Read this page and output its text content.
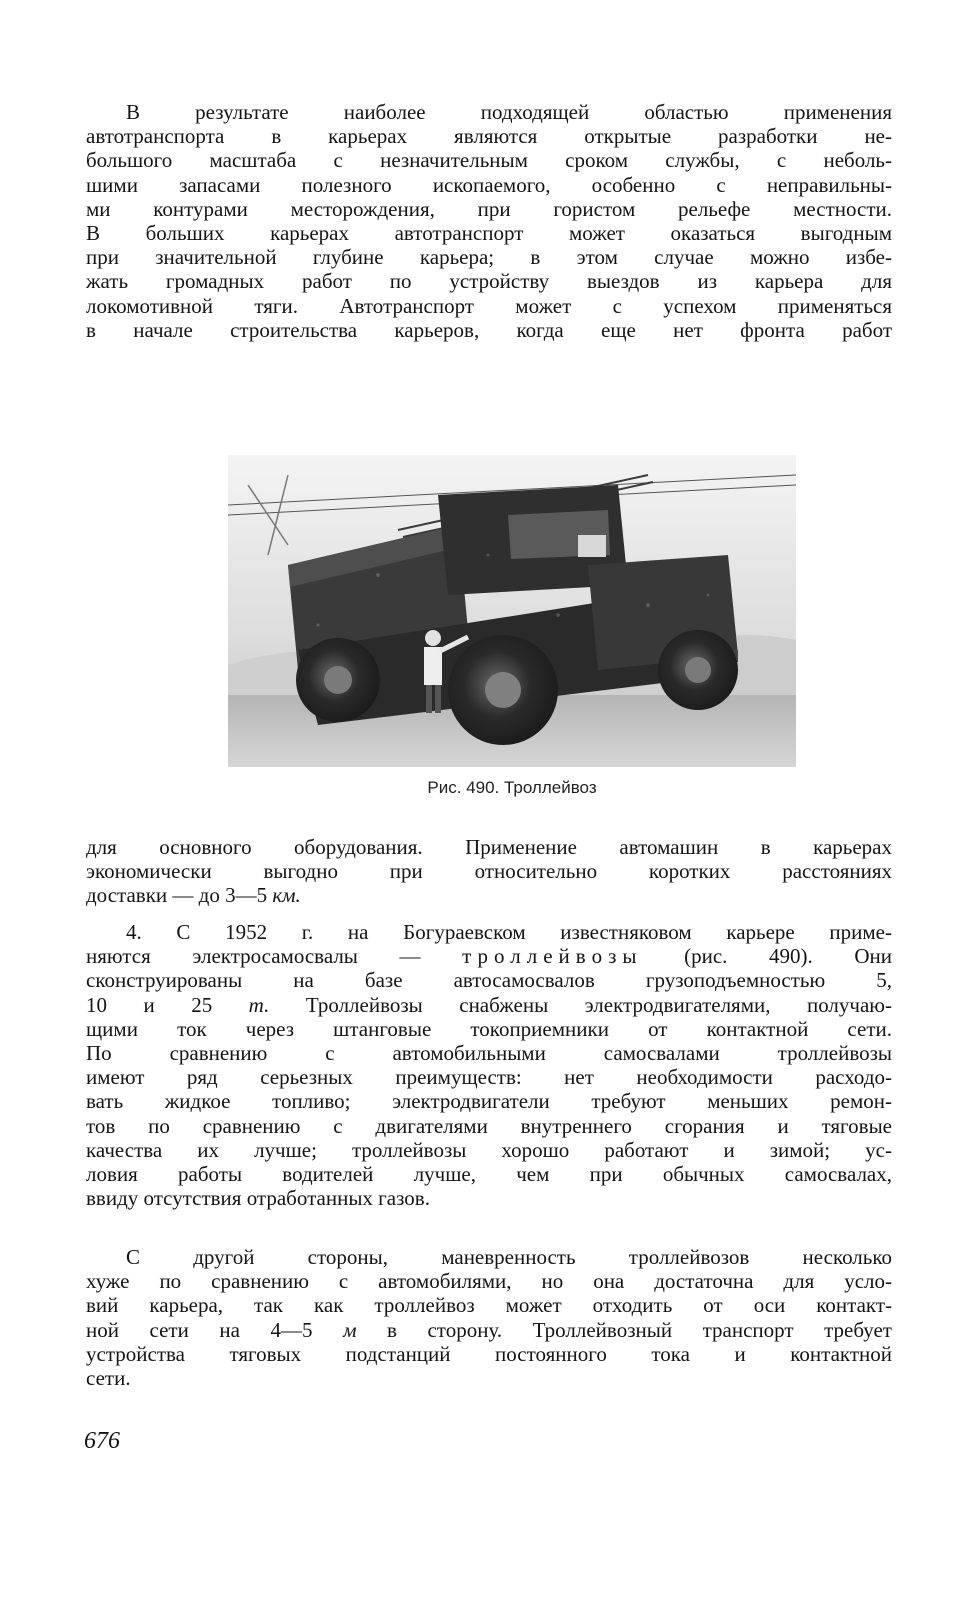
В результате наиболее подходящей областью применения
автотранспорта в карьерах являются открытые разработки не-
большого масштаба с незначительным сроком службы, с неболь-
шими запасами полезного ископаемого, особенно с неправильны-
ми контурами месторождения, при гористом рельефе местности.
В больших карьерах автотранспорт может оказаться выгодным
при значительной глубине карьера; в этом случае можно избе-
жать громадных работ по устройству выездов из карьера для
локомотивной тяги. Автотранспорт может с успехом применяться
в начале строительства карьеров, когда еще нет фронта работ
Рис. 490. Троллейвоз
для основного оборудования. Применение автомашин в карьерах
экономически выгодно при относительно коротких расстояниях
доставки — до 3—5 км.
4. С 1952 г. на Богураевском известняковом карьере приме-
няются электросамосвалы — троллейвозы (рис. 490). Они
сконструированы на базе автосамосвалов грузоподъемностью 5,
10 и 25 т. Троллейвозы снабжены электродвигателями, получаю-
щими ток через штанговые токоприемники от контактной сети.
По сравнению с автомобильными самосвалами троллейвозы
имеют ряд серьезных преимуществ: нет необходимости расходо-
вать жидкое топливо; электродвигатели требуют меньших ремон-
тов по сравнению с двигателями внутреннего сгорания и тяговые
качества их лучше; троллейвозы хорошо работают и зимой; ус-
ловия работы водителей лучше, чем при обычных самосвалах,
ввиду отсутствия отработанных газов.
С другой стороны, маневренность троллейвозов несколько
хуже по сравнению с автомобилями, но она достаточна для усло-
вий карьера, так как троллейвоз может отходить от оси контакт-
ной сети на 4—5 м в сторону. Троллейвозный транспорт требует
устройства тяговых подстанций постоянного тока и контактной
сети.
676
